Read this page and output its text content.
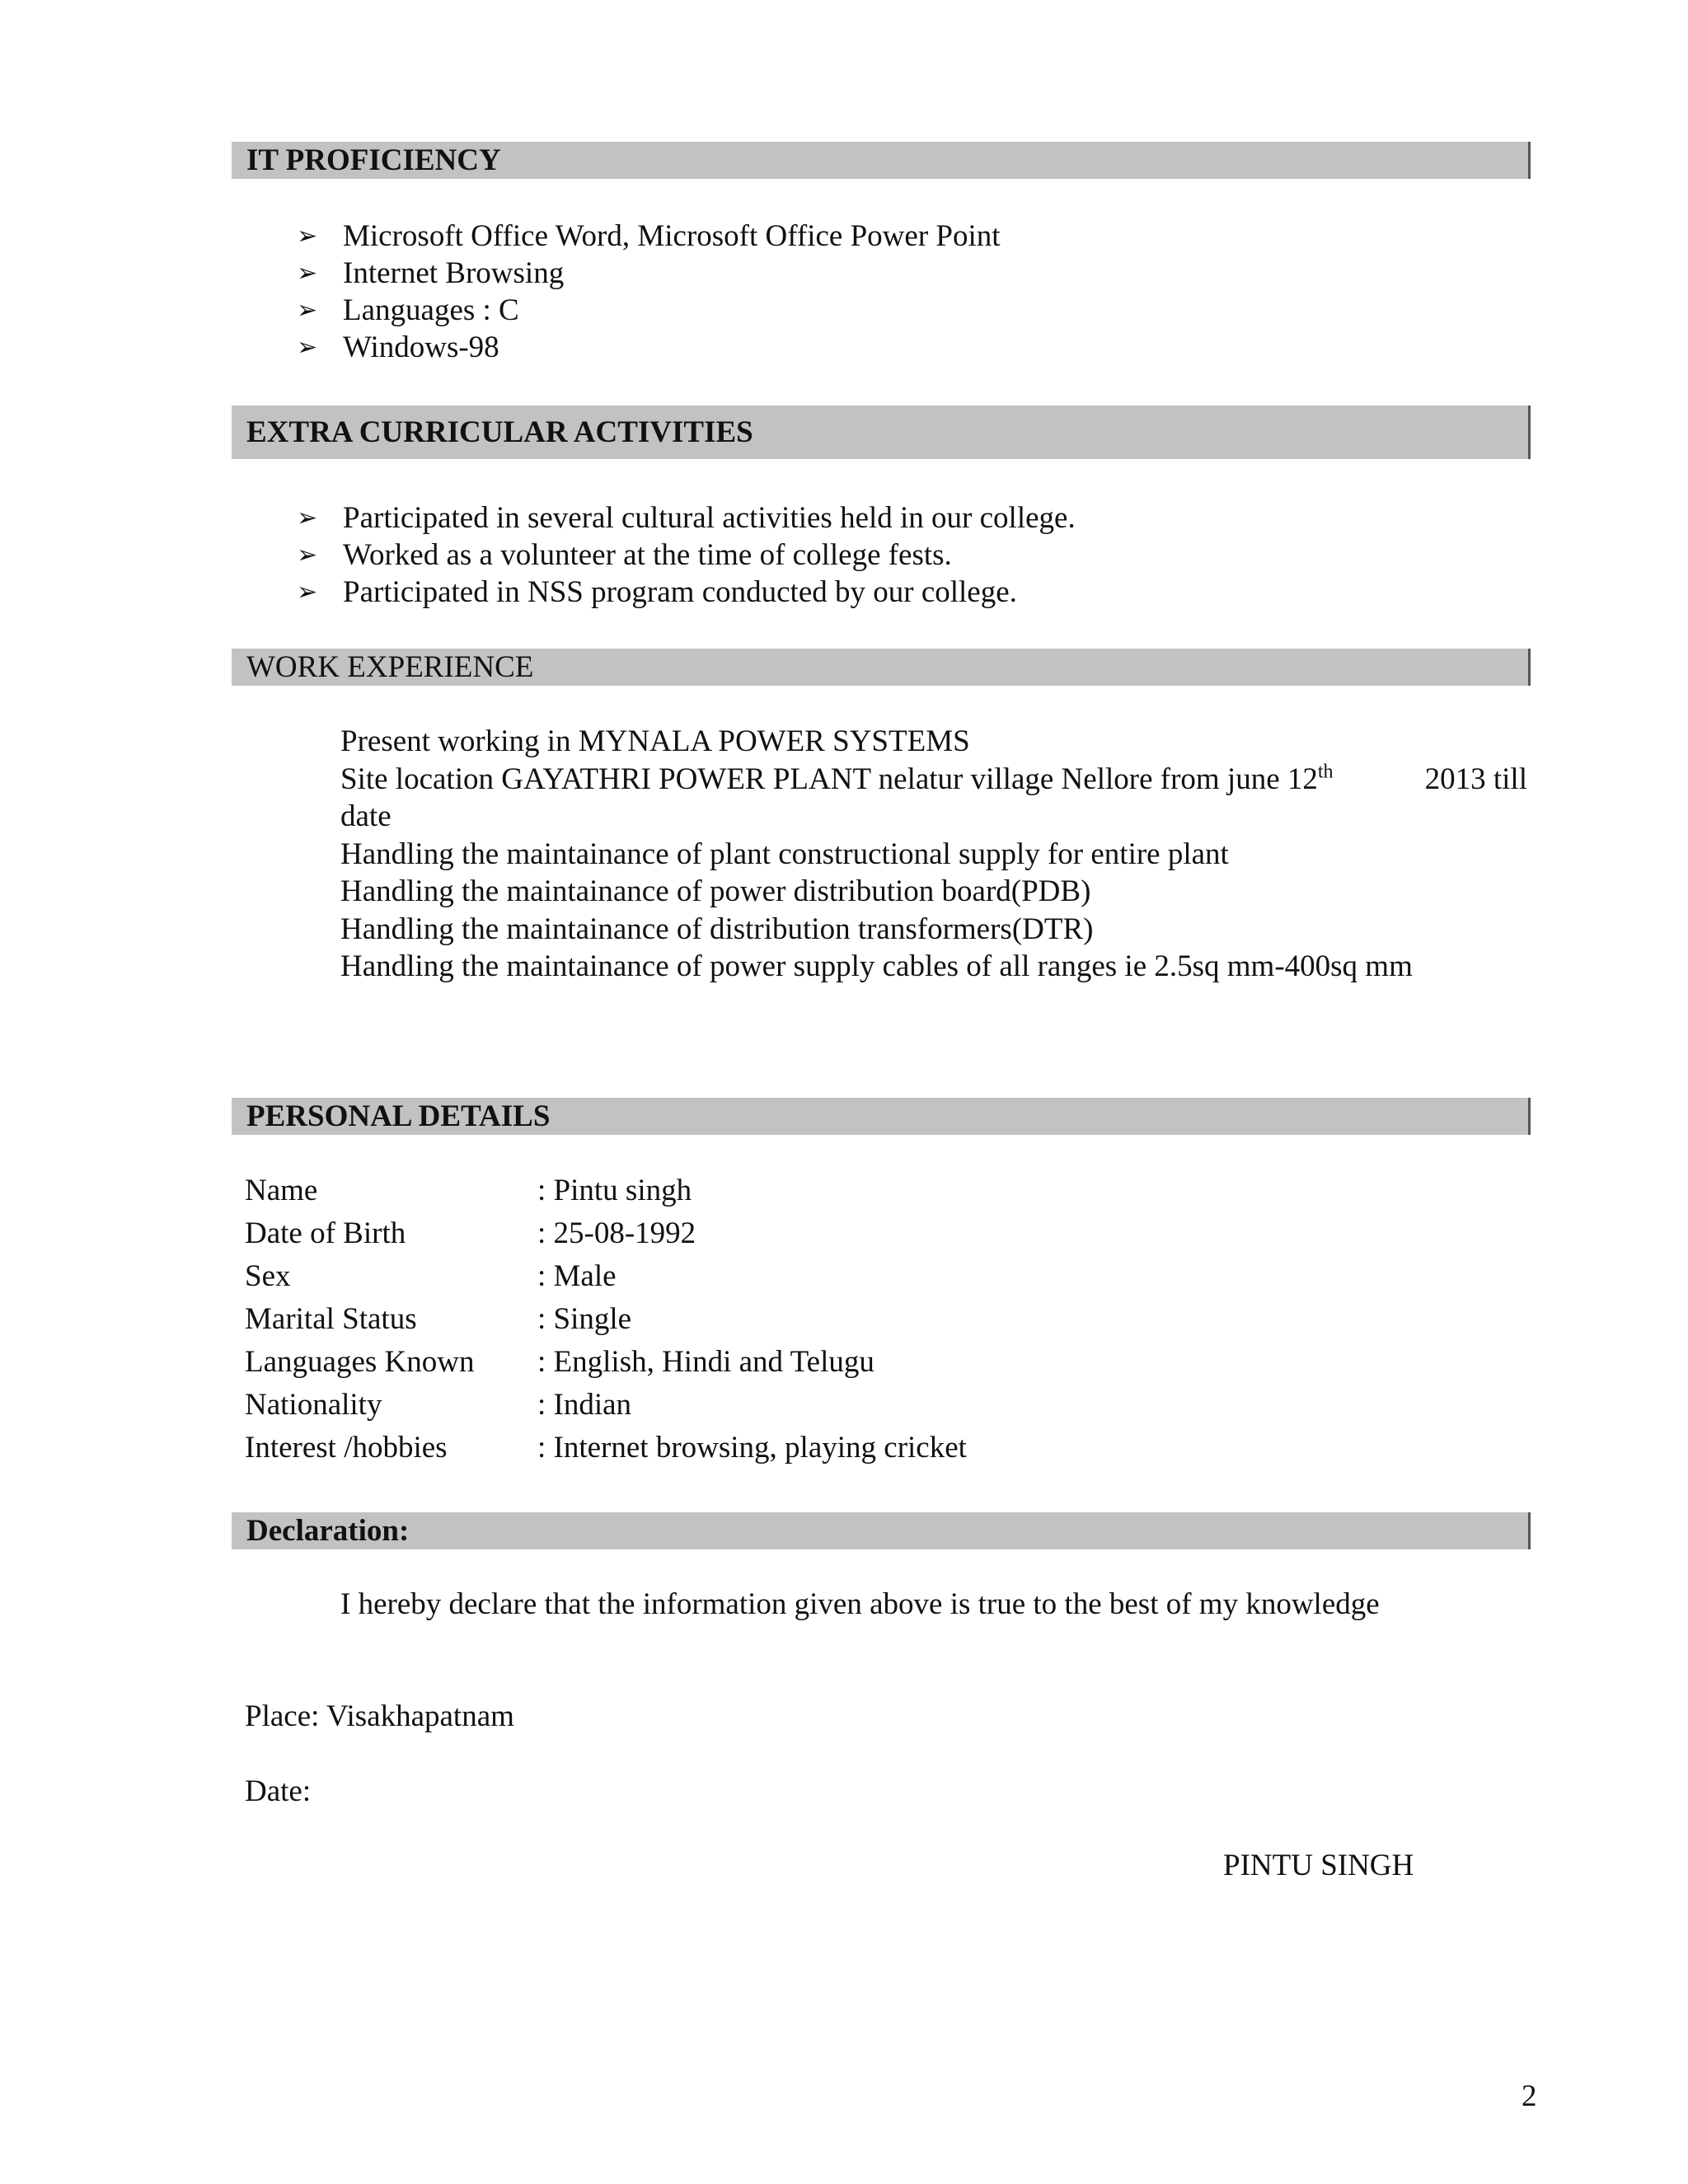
IT PROFICIENCY
➢ Microsoft Office Word, Microsoft Office Power Point
➢ Internet Browsing
➢ Languages : C
➢ Windows-98
EXTRA CURRICULAR ACTIVITIES
➢ Participated in several cultural activities held in our college.
➢ Worked as a volunteer at the time of college fests.
➢ Participated in NSS program conducted by our college.
WORK EXPERIENCE
Present working in MYNALA POWER SYSTEMS
Site location GAYATHRI POWER PLANT nelatur village Nellore from june 12th	2013 till
date
Handling the maintainance of plant constructional supply for entire plant
Handling the maintainance of power distribution board(PDB)
Handling the maintainance of distribution transformers(DTR)
Handling the maintainance of power supply cables of all ranges ie 2.5sq mm-400sq mm
PERSONAL DETAILS
Name	: Pintu singh
Date of Birth	: 25-08-1992
Sex	: Male
Marital Status	: Single
Languages Known	: English, Hindi and Telugu
Nationality	: Indian
Interest /hobbies	: Internet browsing, playing cricket
Declaration:
I hereby declare that the information given above is true to the best of my knowledge
Place: Visakhapatnam
Date:
PINTU SINGH
2
